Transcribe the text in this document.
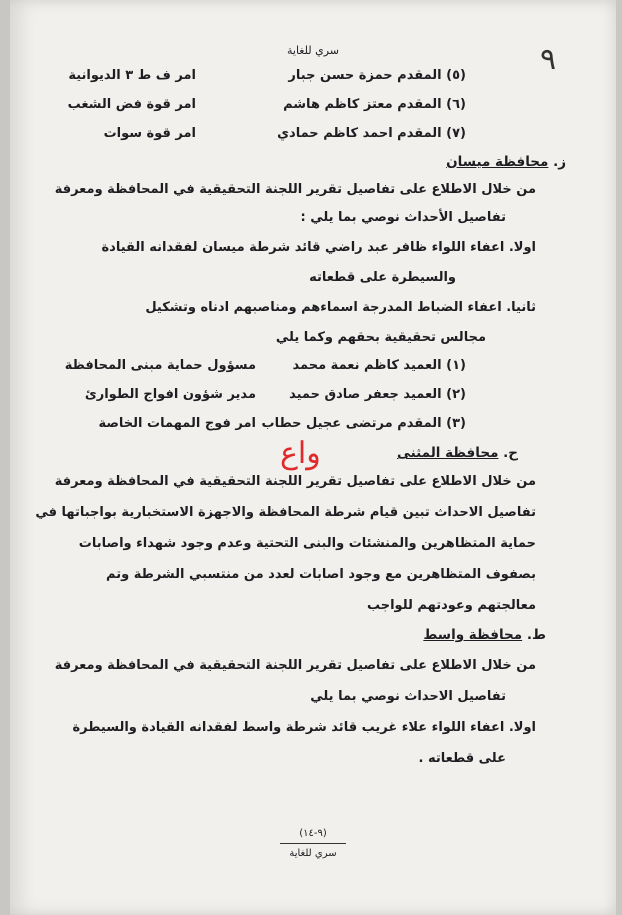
سري للغاية	٩
(٥) المقدم حمزة حسن جبار
امر ف ط ٣ الديوانية
(٦) المقدم معتز كاظم هاشم
امر قوة فض الشغب
(٧) المقدم احمد كاظم حمادي
امر قوة سوات
ز. محافظة ميسان
من خلال الاطلاع على تفاصيل تقرير اللجنة التحقيقية في المحافظة ومعرفة
تفاصيل الأحداث نوصي بما يلي :
اولا. اعفاء اللواء ظافر عبد راضي قائد شرطة ميسان لفقدانه القيادة
والسيطرة على قطعاته
ثانيا. اعفاء الضباط المدرجة اسماءهم ومناصبهم ادناه وتشكيل
مجالس تحقيقية بحقهم وكما يلي
(١) العميد كاظم نعمة محمد
مسؤول حماية مبنى المحافظة
(٢) العميد جعفر صادق حميد
مدير شؤون افواج الطوارئ
(٣) المقدم مرتضى عجيل حطاب
امر فوج المهمات الخاصة
ح. محافظة المثنى
واع
من خلال الاطلاع على تفاصيل تقرير اللجنة التحقيقية في المحافظة ومعرفة
تفاصيل الاحداث تبين قيام شرطة المحافظة والاجهزة الاستخبارية بواجباتها في
حماية المتظاهرين والمنشئات والبنى التحتية وعدم وجود شهداء واصابات
بصفوف المتظاهرين مع وجود اصابات لعدد من منتسبي الشرطة وتم
معالجتهم وعودتهم للواجب
ط. محافظة واسط
من خلال الاطلاع على تفاصيل تقرير اللجنة التحقيقية في المحافظة ومعرفة
تفاصيل الاحداث نوصي بما يلي
اولا. اعفاء اللواء علاء غريب قائد شرطة واسط لفقدانه القيادة والسيطرة
على قطعاته .
(٩-١٤)
سري للغاية
